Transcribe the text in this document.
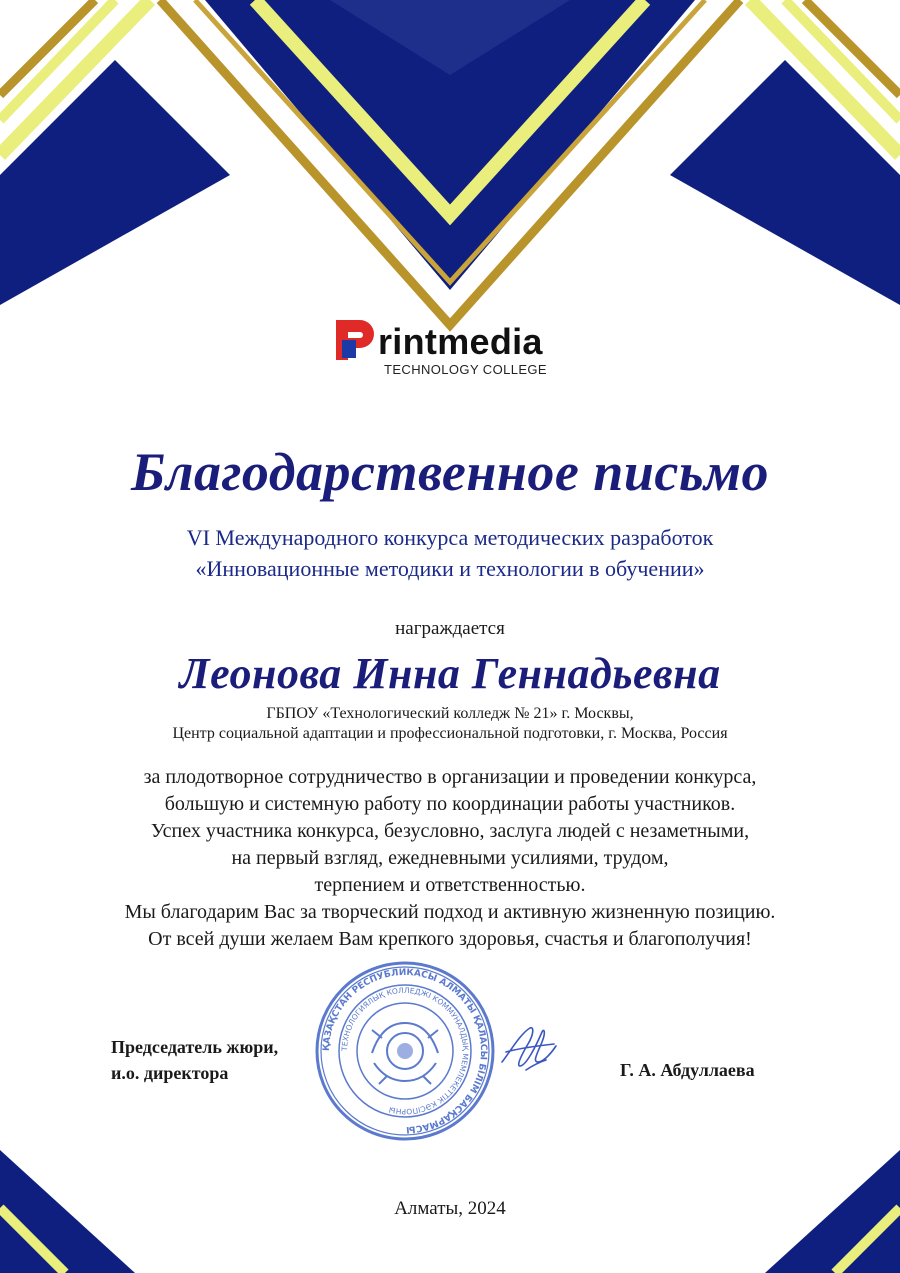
rintmedia
TECHNOLOGY COLLEGE
Благодарственное письмо
VI Международного конкурса методических разработок
«Инновационные методики и технологии в обучении»
награждается
Леонова Инна Геннадьевна
ГБПОУ «Технологический колледж № 21» г. Москвы,
Центр социальной адаптации и профессиональной подготовки, г. Москва, Россия
за плодотворное сотрудничество в организации и проведении конкурса,
большую и системную работу по координации работы участников.
Успех участника конкурса, безусловно, заслуга людей с незаметными,
на первый взгляд, ежедневными усилиями, трудом,
терпением и ответственностью.
Мы благодарим Вас за творческий подход и активную жизненную позицию.
От всей души желаем Вам крепкого здоровья, счастья и благополучия!
Председатель жюри,
и.о. директора
ҚАЗАҚСТАН РЕСПУБЛИКАСЫ АЛМАТЫ ҚАЛАСЫ БІЛІМ БАСҚАРМАСЫ
ТЕХНОЛОГИЯЛЫҚ КОЛЛЕДЖІ КОММУНАЛДЫҚ МЕМЛЕКЕТТІК КӘСІПОРНЫ
Г. А. Абдуллаева
Алматы, 2024
